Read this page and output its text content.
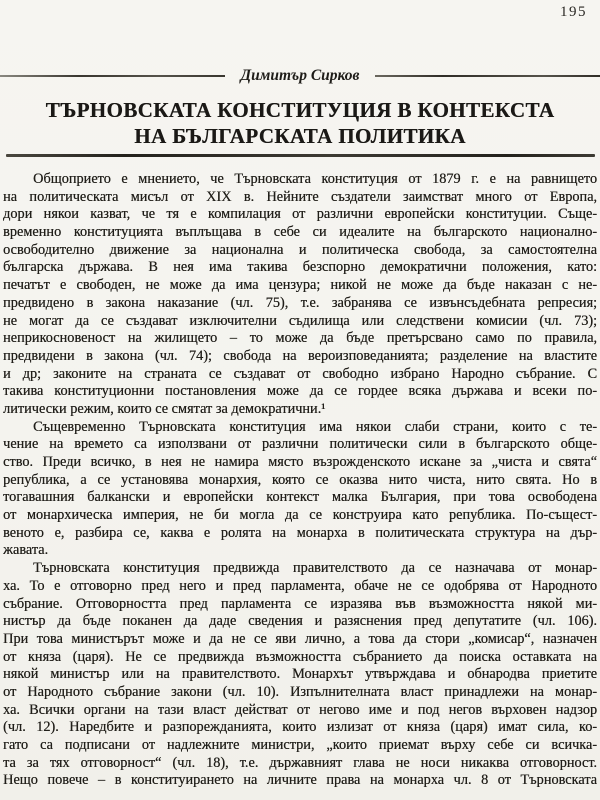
195
Димитър Сирков
ТЪРНОВСКАТА КОНСТИТУЦИЯ В КОНТЕКСТА
НА БЪЛГАРСКАТА ПОЛИТИКА
Общоприето е мнението, че Търновската конституция от 1879 г. е на равнището
на политическата мисъл от XIX в. Нейните създатели заимстват много от Европа,
дори някои казват, че тя е компилация от различни европейски конституции. Съще-
временно конституцията въплъщава в себе си идеалите на българското национално-
освободително движение за национална и политическа свобода, за самостоятелна
българска държава. В нея има такива безспорно демократични положения, като:
печатът е свободен, не може да има цензура; никой не може да бъде наказан с не-
предвидено в закона наказание (чл. 75), т.е. забранява се извънсъдебната репресия;
не могат да се създават изключителни съдилища или следствени комисии (чл. 73);
неприкосновеност на жилището – то може да бъде претърсвано само по правила,
предвидени в закона (чл. 74); свобода на вероизповеданията; разделение на властите
и др; законите на страната се създават от свободно избрано Народно събрание. С
такива конституционни постановления може да се гордее всяка държава и всеки по-
литически режим, които се смятат за демократични.¹
Същевременно Търновската конституция има някои слаби страни, които с те-
чение на времето са използвани от различни политически сили в българското обще-
ство. Преди всичко, в нея не намира място възрожденското искане за „чиста и свята“
република, а се установява монархия, която се оказва нито чиста, нито свята. Но в
тогавашния балкански и европейски контекст малка България, при това освободена
от монархическа империя, не би могла да се конструира като република. По-същест-
веното е, разбира се, каква е ролята на монарха в политическата структура на дър-
жавата.
Търновската конституция предвижда правителството да се назначава от монар-
ха. То е отговорно пред него и пред парламента, обаче не се одобрява от Народното
събрание. Отговорността пред парламента се изразява във възможността някой ми-
нистър да бъде поканен да даде сведения и разяснения пред депутатите (чл. 106).
При това министърът може и да не се яви лично, а това да стори „комисар“, назначен
от княза (царя). Не се предвижда възможността събранието да поиска оставката на
някой министър или на правителството. Монархът утвърждава и обнародва приетите
от Народното събрание закони (чл. 10). Изпълнителната власт принадлежи на монар-
ха. Всички органи на тази власт действат от негово име и под негов върховен надзор
(чл. 12). Наредбите и разпорежданията, които излизат от княза (царя) имат сила, ко-
гато са подписани от надлежните министри, „които приемат върху себе си всичка-
та за тях отговорност“ (чл. 18), т.е. държавният глава не носи никаква отговорност.
Нещо повече – в конституирането на личните права на монарха чл. 8 от Търновската
